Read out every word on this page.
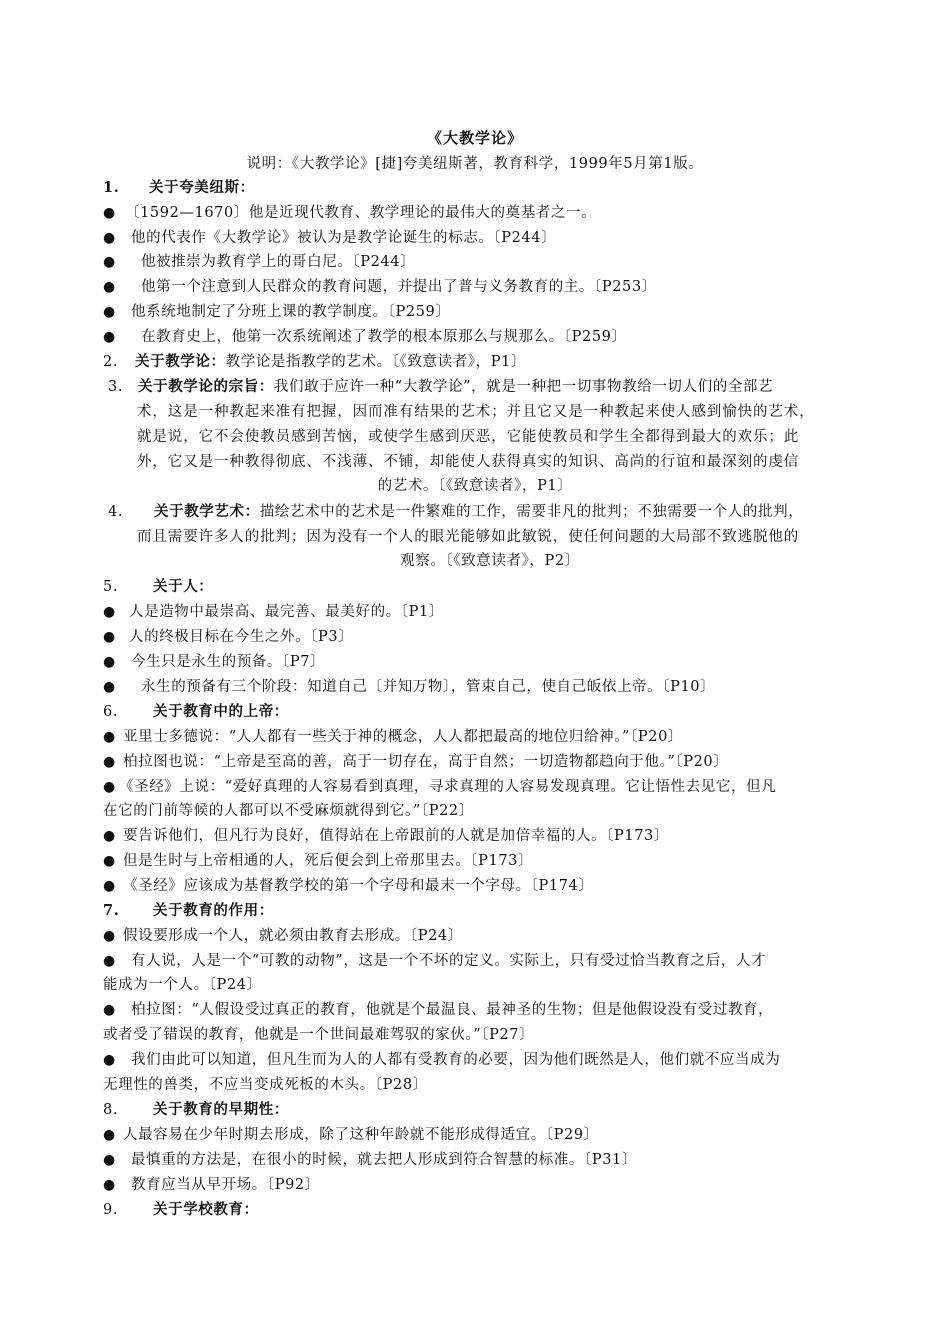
《大教学论》
说明：《大教学论》[捷]夸美纽斯著，教育科学，1999年5月第1版。
1. 关于夸美纽斯：
● 〔1592—1670〕他是近现代教育、教学理论的最伟大的奠基者之一。
● 他的代表作《大教学论》被认为是教学论诞生的标志。〔P244〕
● 他被推崇为教育学上的哥白尼。〔P244〕
● 他第一个注意到人民群众的教育问题，并提出了普与义务教育的主。〔P253〕
● 他系统地制定了分班上课的教学制度。〔P259〕
● 在教育史上，他第一次系统阐述了教学的根本原那么与规那么。〔P259〕
2. 关于教学论：教学论是指教学的艺术。〔《致意读者》，P1〕
3. 关于教学论的宗旨：我们敢于应许一种“大教学论”，就是一种把一切事物教给一切人们的全部艺
术，这是一种教起来准有把握，因而准有结果的艺术；并且它又是一种教起来使人感到愉快的艺术，
就是说，它不会使教员感到苦恼，或使学生感到厌恶，它能使教员和学生全都得到最大的欢乐；此
外，它又是一种教得彻底、不浅薄、不铺，却能使人获得真实的知识、高尚的行谊和最深刻的虔信
的艺术。〔《致意读者》，P1〕
4. 关于教学艺术：描绘艺术中的艺术是一件繁难的工作，需要非凡的批判；不独需要一个人的批判，
而且需要许多人的批判；因为没有一个人的眼光能够如此敏锐，使任何问题的大局部不致逃脱他的
观察。〔《致意读者》，P2〕
5. 关于人：
● 人是造物中最崇高、最完善、最美好的。〔P1〕
● 人的终极目标在今生之外。〔P3〕
● 今生只是永生的预备。〔P7〕
● 永生的预备有三个阶段：知道自己〔并知万物〕，管束自己，使自己皈依上帝。〔P10〕
6. 关于教育中的上帝：
● 亚里士多德说：“人人都有一些关于神的概念，人人都把最高的地位归给神。”〔P20〕
● 柏拉图也说：“上帝是至高的善，高于一切存在，高于自然；一切造物都趋向于他。”〔P20〕
● 《圣经》上说：“爱好真理的人容易看到真理，寻求真理的人容易发现真理。它让悟性去见它，但凡
在它的门前等候的人都可以不受麻烦就得到它。”〔P22〕
● 要告诉他们，但凡行为良好，值得站在上帝跟前的人就是加倍幸福的人。〔P173〕
● 但是生时与上帝相通的人，死后便会到上帝那里去。〔P173〕
● 《圣经》应该成为基督教学校的第一个字母和最末一个字母。〔P174〕
7. 关于教育的作用：
● 假设要形成一个人，就必须由教育去形成。〔P24〕
● 有人说，人是一个“可教的动物”，这是一个不坏的定义。实际上，只有受过恰当教育之后，人才
能成为一个人。〔P24〕
● 柏拉图：“人假设受过真正的教育，他就是个最温良、最神圣的生物；但是他假设没有受过教育，
或者受了错误的教育，他就是一个世间最难驾驭的家伙。”〔P27〕
● 我们由此可以知道，但凡生而为人的人都有受教育的必要，因为他们既然是人，他们就不应当成为
无理性的兽类，不应当变成死板的木头。〔P28〕
8. 关于教育的早期性：
● 人最容易在少年时期去形成，除了这种年龄就不能形成得适宜。〔P29〕
● 最慎重的方法是，在很小的时候，就去把人形成到符合智慧的标准。〔P31〕
● 教育应当从早开场。〔P92〕
9. 关于学校教育：
